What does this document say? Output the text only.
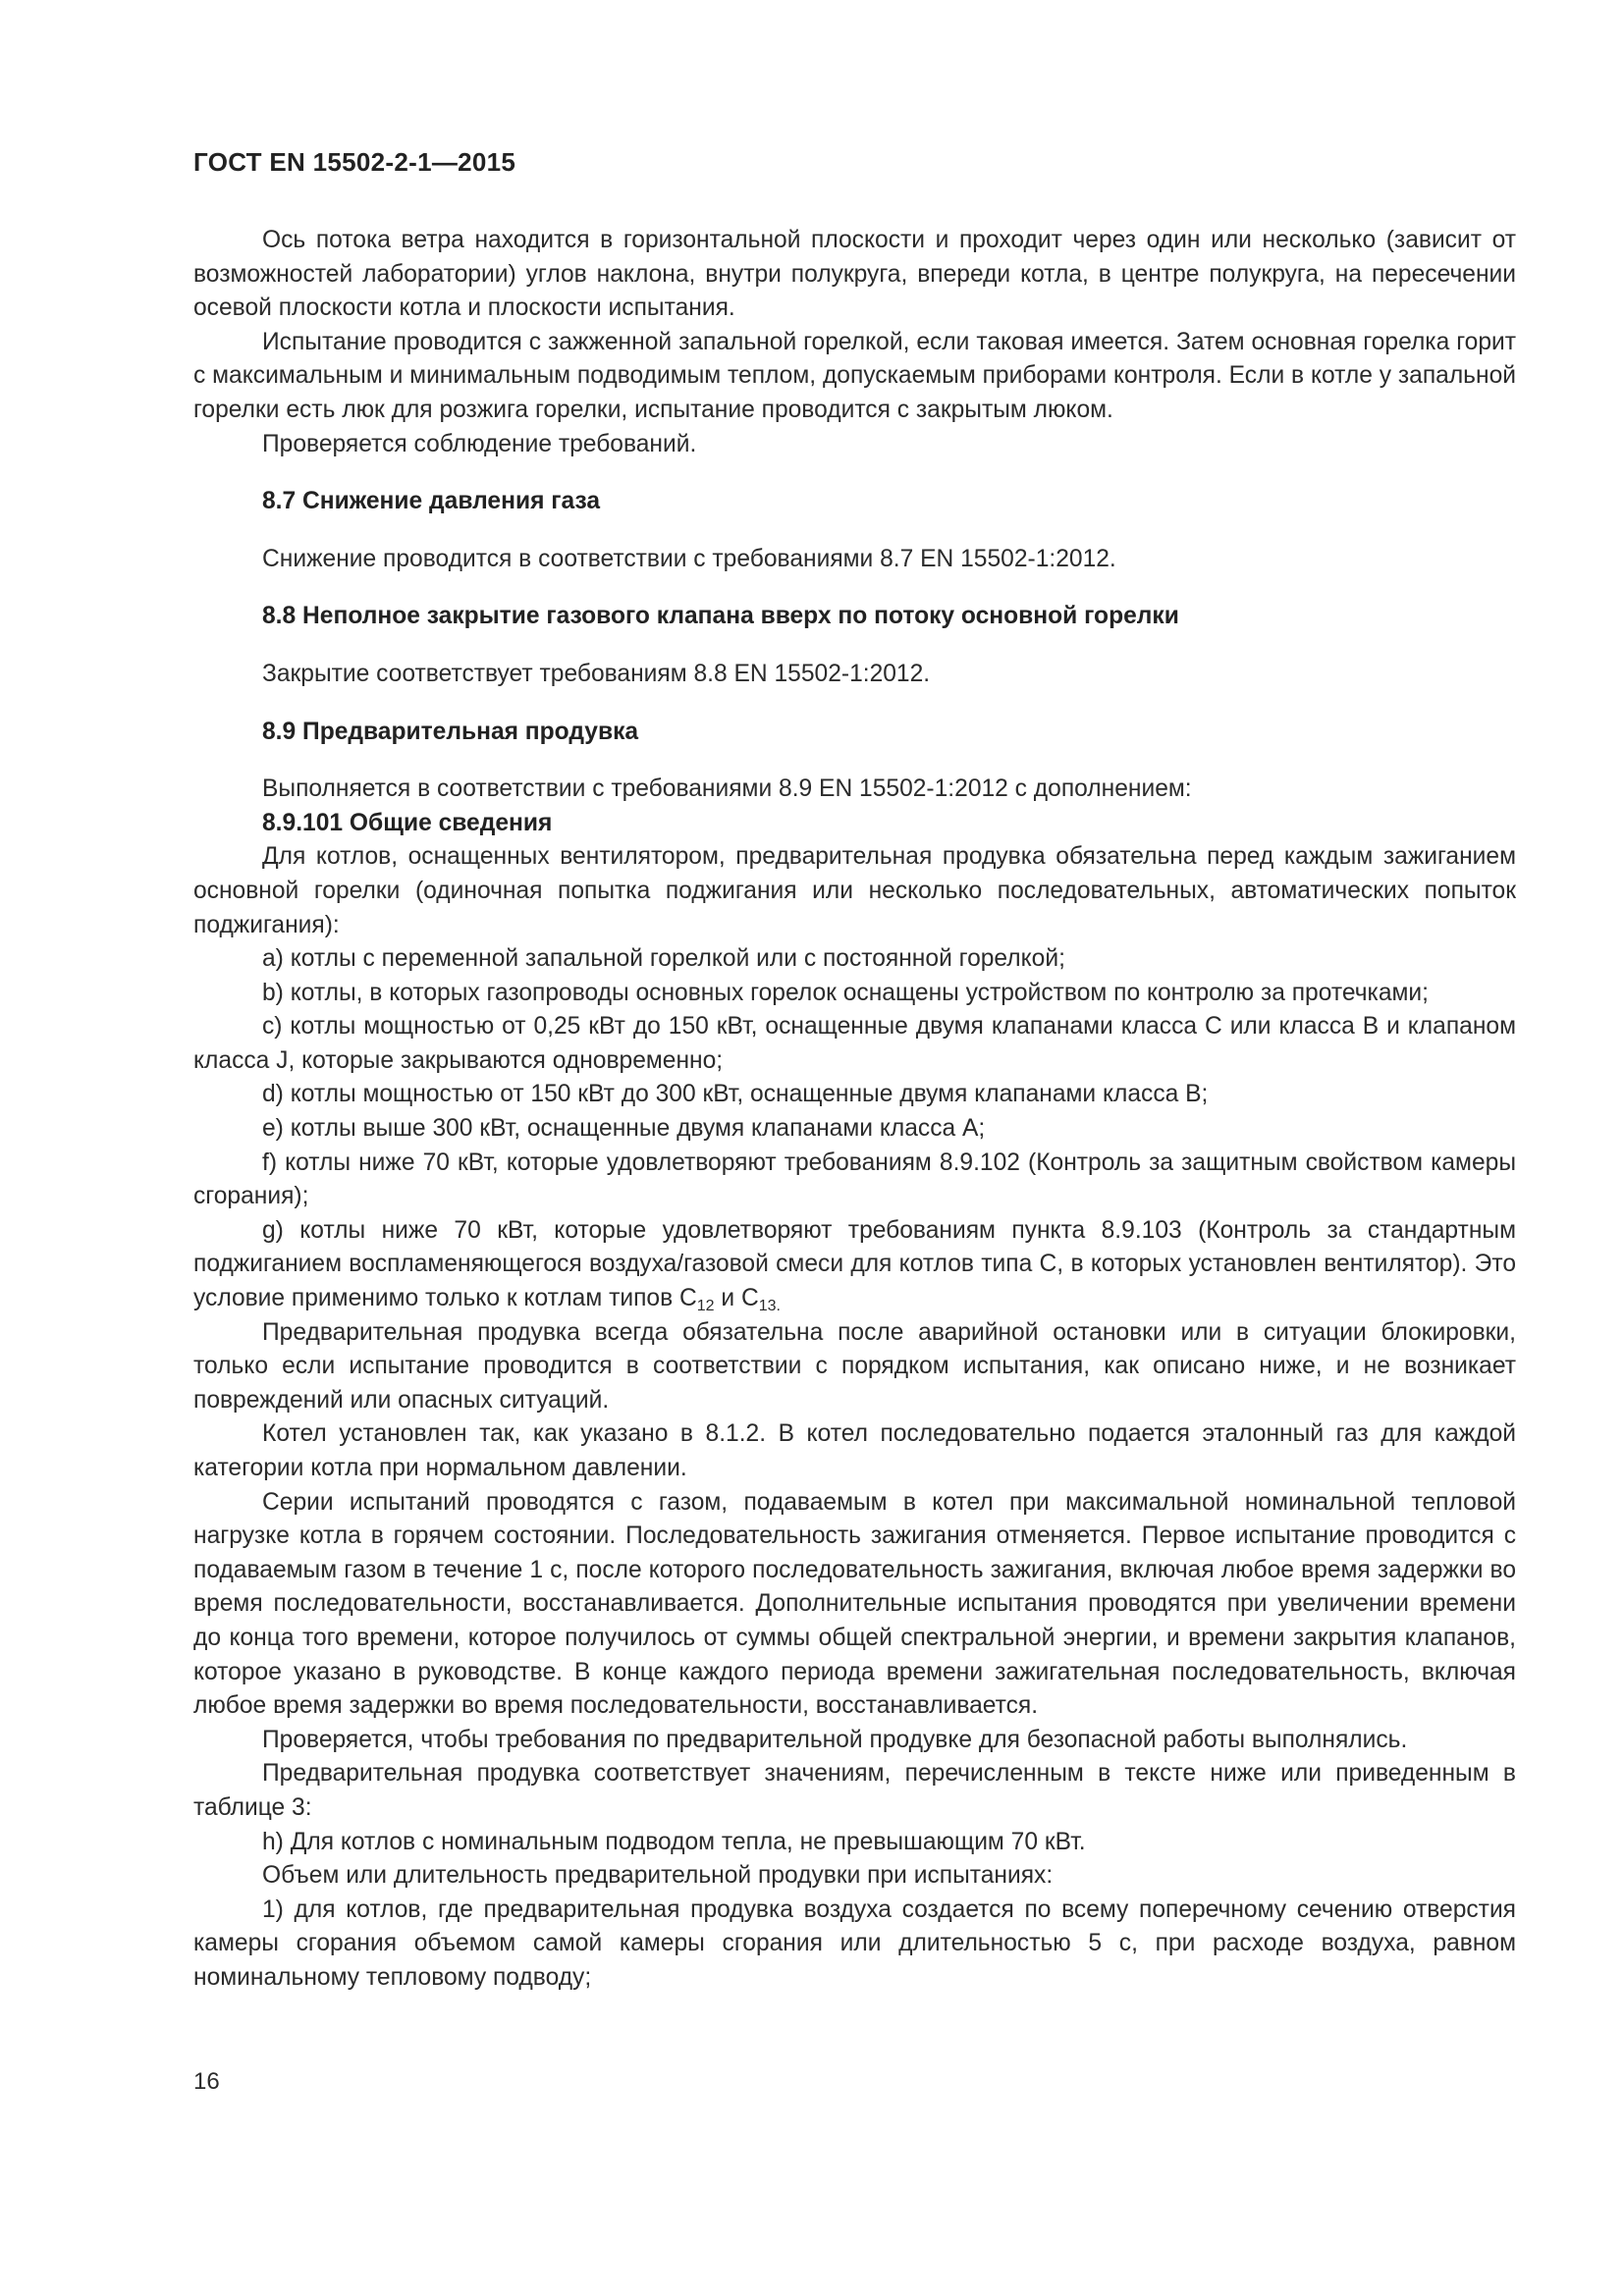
ГОСТ EN 15502-2-1—2015

Ось потока ветра находится в горизонтальной плоскости и проходит через один или несколько (зависит от возможностей лаборатории) углов наклона, внутри полукруга, впереди котла, в центре полукруга, на пересечении осевой плоскости котла и плоскости испытания.

Испытание проводится с зажженной запальной горелкой, если таковая имеется. Затем основная горелка горит с максимальным и минимальным подводимым теплом, допускаемым приборами контроля. Если в котле у запальной горелки есть люк для розжига горелки, испытание проводится с закрытым люком.

Проверяется соблюдение требований.

8.7 Снижение давления газа

Снижение проводится в соответствии с требованиями 8.7 EN 15502-1:2012.

8.8 Неполное закрытие газового клапана вверх по потоку основной горелки

Закрытие соответствует требованиям 8.8 EN 15502-1:2012.

8.9 Предварительная продувка

Выполняется в соответствии с требованиями 8.9 EN 15502-1:2012 с дополнением:

8.9.101 Общие сведения

Для котлов, оснащенных вентилятором, предварительная продувка обязательна перед каждым зажиганием основной горелки (одиночная попытка поджигания или несколько последовательных, автоматических попыток поджигания):

a) котлы с переменной запальной горелкой или с постоянной горелкой;

b) котлы, в которых газопроводы основных горелок оснащены устройством по контролю за протечками;

c) котлы мощностью от 0,25 кВт до 150 кВт, оснащенные двумя клапанами класса С или класса В и клапаном класса J, которые закрываются одновременно;

d) котлы мощностью от 150 кВт до 300 кВт, оснащенные двумя клапанами класса В;

e) котлы выше 300 кВт, оснащенные двумя клапанами класса А;

f) котлы ниже 70 кВт, которые удовлетворяют требованиям 8.9.102 (Контроль за защитным свойством камеры сгорания);

g) котлы ниже 70 кВт, которые удовлетворяют требованиям пункта 8.9.103 (Контроль за стандартным поджиганием воспламеняющегося воздуха/газовой смеси для котлов типа С, в которых установлен вентилятор). Это условие применимо только к котлам типов $С_{12}$ и $С_{13.}$

Предварительная продувка всегда обязательна после аварийной остановки или в ситуации блокировки, только если испытание проводится в соответствии с порядком испытания, как описано ниже, и не возникает повреждений или опасных ситуаций.

Котел установлен так, как указано в 8.1.2. В котел последовательно подается эталонный газ для каждой категории котла при нормальном давлении.

Серии испытаний проводятся с газом, подаваемым в котел при максимальной номинальной тепловой нагрузке котла в горячем состоянии. Последовательность зажигания отменяется. Первое испытание проводится с подаваемым газом в течение 1 с, после которого последовательность зажигания, включая любое время задержки во время последовательности, восстанавливается. Дополнительные испытания проводятся при увеличении времени до конца того времени, которое получилось от суммы общей спектральной энергии, и времени закрытия клапанов, которое указано в руководстве. В конце каждого периода времени зажигательная последовательность, включая любое время задержки во время последовательности, восстанавливается.

Проверяется, чтобы требования по предварительной продувке для безопасной работы выполнялись.

Предварительная продувка соответствует значениям, перечисленным в тексте ниже или приведенным в таблице 3:

h) Для котлов с номинальным подводом тепла, не превышающим 70 кВт.

Объем или длительность предварительной продувки при испытаниях:

1) для котлов, где предварительная продувка воздуха создается по всему поперечному сечению отверстия камеры сгорания объемом самой камеры сгорания или длительностью 5 с, при расходе воздуха, равном номинальному тепловому подводу;

16
